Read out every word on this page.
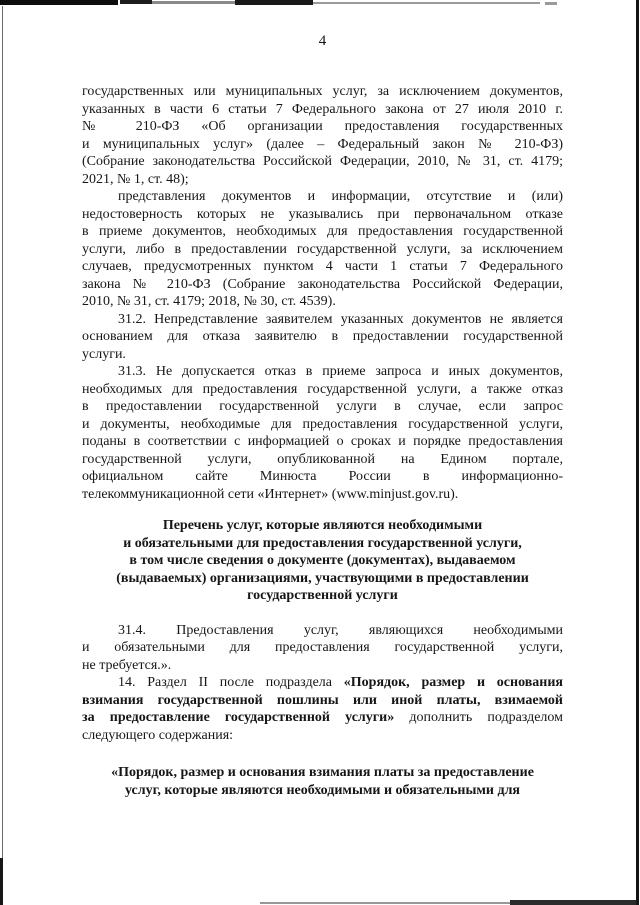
4
государственных или муниципальных услуг, за исключением документов,
указанных в части 6 статьи 7 Федерального закона от 27 июля 2010 г.
№ 210-ФЗ «Об организации предоставления государственных
и муниципальных услуг» (далее – Федеральный закон № 210-ФЗ)
(Собрание законодательства Российской Федерации, 2010, № 31, ст. 4179;
2021, № 1, ст. 48);
представления документов и информации, отсутствие и (или)
недостоверность которых не указывались при первоначальном отказе
в приеме документов, необходимых для предоставления государственной
услуги, либо в предоставлении государственной услуги, за исключением
случаев, предусмотренных пунктом 4 части 1 статьи 7 Федерального
закона № 210-ФЗ (Собрание законодательства Российской Федерации,
2010, № 31, ст. 4179; 2018, № 30, ст. 4539).
31.2. Непредставление заявителем указанных документов не является
основанием для отказа заявителю в предоставлении государственной
услуги.
31.3. Не допускается отказ в приеме запроса и иных документов,
необходимых для предоставления государственной услуги, а также отказ
в предоставлении государственной услуги в случае, если запрос
и документы, необходимые для предоставления государственной услуги,
поданы в соответствии с информацией о сроках и порядке предоставления
государственной услуги, опубликованной на Едином портале,
официальном сайте Минюста России в информационно-
телекоммуникационной сети «Интернет» (www.minjust.gov.ru).
Перечень услуг, которые являются необходимыми
и обязательными для предоставления государственной услуги,
в том числе сведения о документе (документах), выдаваемом
(выдаваемых) организациями, участвующими в предоставлении
государственной услуги
31.4. Предоставления услуг, являющихся необходимыми
и обязательными для предоставления государственной услуги,
не требуется.».
14. Раздел II после подраздела «Порядок, размер и основания
взимания государственной пошлины или иной платы, взимаемой
за предоставление государственной услуги» дополнить подразделом
следующего содержания:
«Порядок, размер и основания взимания платы за предоставление
услуг, которые являются необходимыми и обязательными для
